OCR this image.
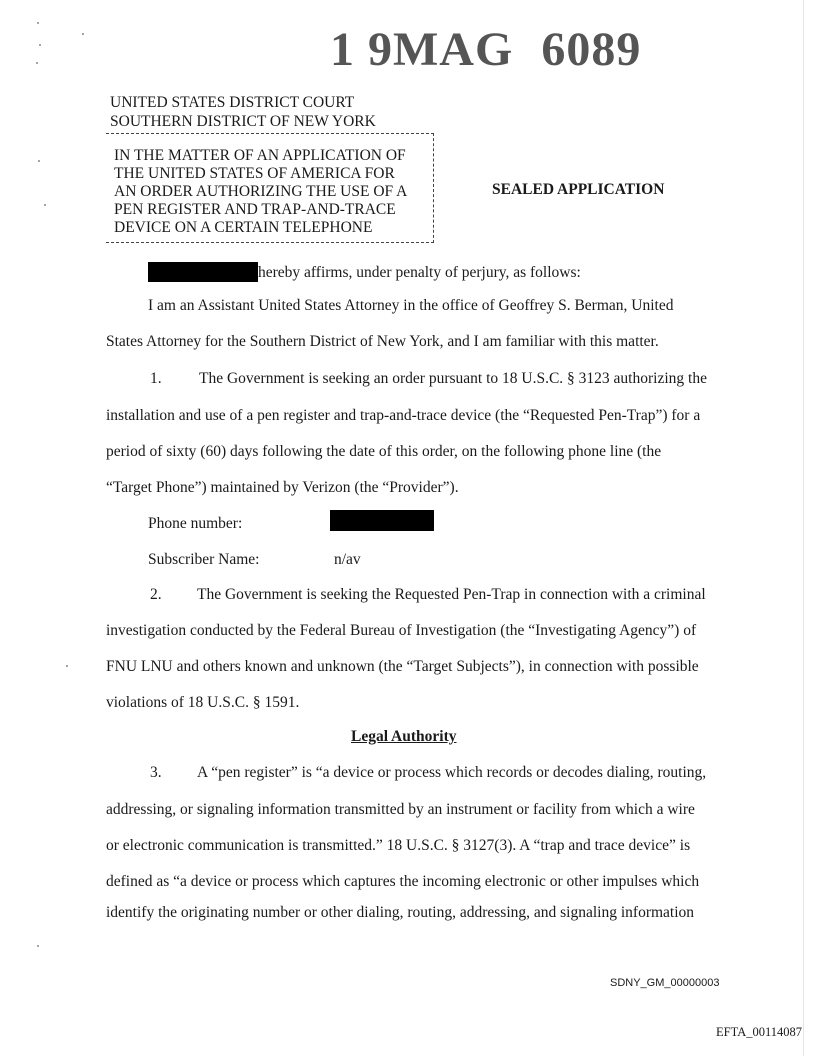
1 9MAG 6089
UNITED STATES DISTRICT COURT
SOUTHERN DISTRICT OF NEW YORK
IN THE MATTER OF AN APPLICATION OF
THE UNITED STATES OF AMERICA FOR
AN ORDER AUTHORIZING THE USE OF A
PEN REGISTER AND TRAP-AND-TRACE
DEVICE ON A CERTAIN TELEPHONE
SEALED APPLICATION
hereby affirms, under penalty of perjury, as follows:
I am an Assistant United States Attorney in the office of Geoffrey S. Berman, United
States Attorney for the Southern District of New York, and I am familiar with this matter.
1. The Government is seeking an order pursuant to 18 U.S.C. § 3123 authorizing the
installation and use of a pen register and trap-and-trace device (the “Requested Pen-Trap”) for a
period of sixty (60) days following the date of this order, on the following phone line (the
“Target Phone”) maintained by Verizon (the “Provider”).
Phone number:
Subscriber Name:	n/av
2. The Government is seeking the Requested Pen-Trap in connection with a criminal
investigation conducted by the Federal Bureau of Investigation (the “Investigating Agency”) of
FNU LNU and others known and unknown (the “Target Subjects”), in connection with possible
violations of 18 U.S.C. § 1591.
Legal Authority
3. A “pen register” is “a device or process which records or decodes dialing, routing,
addressing, or signaling information transmitted by an instrument or facility from which a wire
or electronic communication is transmitted.” 18 U.S.C. § 3127(3). A “trap and trace device” is
defined as “a device or process which captures the incoming electronic or other impulses which
identify the originating number or other dialing, routing, addressing, and signaling information
SDNY_GM_00000003
EFTA_00114087
